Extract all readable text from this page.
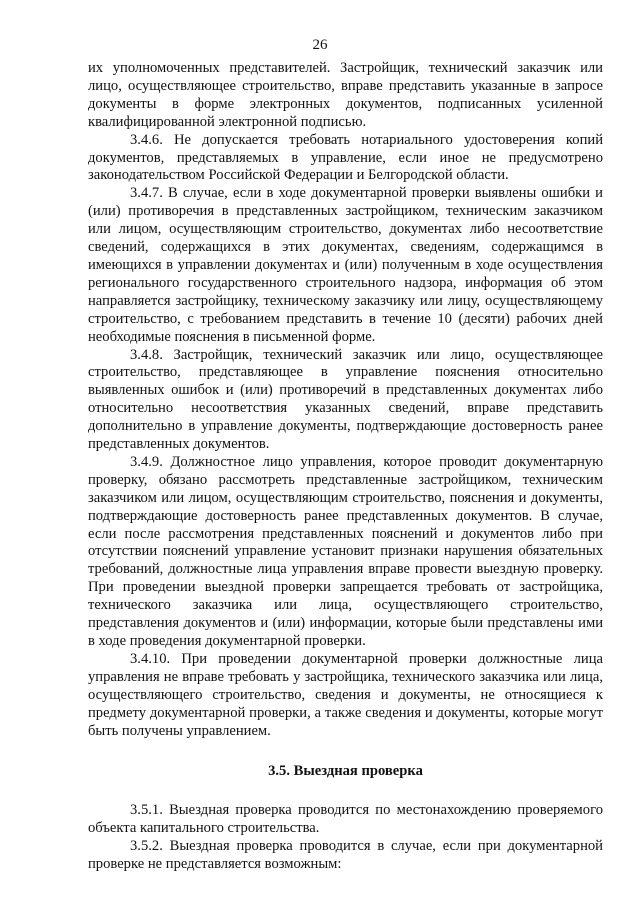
26

их уполномоченных представителей. Застройщик, технический заказчик или лицо, осуществляющее строительство, вправе представить указанные в запросе документы в форме электронных документов, подписанных усиленной квалифицированной электронной подписью.

3.4.6. Не допускается требовать нотариального удостоверения копий документов, представляемых в управление, если иное не предусмотрено законодательством Российской Федерации и Белгородской области.

3.4.7. В случае, если в ходе документарной проверки выявлены ошибки и (или) противоречия в представленных застройщиком, техническим заказчиком или лицом, осуществляющим строительство, документах либо несоответствие сведений, содержащихся в этих документах, сведениям, содержащимся в имеющихся в управлении документах и (или) полученным в ходе осуществления регионального государственного строительного надзора, информация об этом направляется застройщику, техническому заказчику или лицу, осуществляющему строительство, с требованием представить в течение 10 (десяти) рабочих дней необходимые пояснения в письменной форме.

3.4.8. Застройщик, технический заказчик или лицо, осуществляющее строительство, представляющее в управление пояснения относительно выявленных ошибок и (или) противоречий в представленных документах либо относительно несоответствия указанных сведений, вправе представить дополнительно в управление документы, подтверждающие достоверность ранее представленных документов.

3.4.9. Должностное лицо управления, которое проводит документарную проверку, обязано рассмотреть представленные застройщиком, техническим заказчиком или лицом, осуществляющим строительство, пояснения и документы, подтверждающие достоверность ранее представленных документов. В случае, если после рассмотрения представленных пояснений и документов либо при отсутствии пояснений управление установит признаки нарушения обязательных требований, должностные лица управления вправе провести выездную проверку. При проведении выездной проверки запрещается требовать от застройщика, технического заказчика или лица, осуществляющего строительство, представления документов и (или) информации, которые были представлены ими в ходе проведения документарной проверки.

3.4.10. При проведении документарной проверки должностные лица управления не вправе требовать у застройщика, технического заказчика или лица, осуществляющего строительство, сведения и документы, не относящиеся к предмету документарной проверки, а также сведения и документы, которые могут быть получены управлением.

3.5. Выездная проверка

3.5.1. Выездная проверка проводится по местонахождению проверяемого объекта капитального строительства.

3.5.2. Выездная проверка проводится в случае, если при документарной проверке не представляется возможным:
